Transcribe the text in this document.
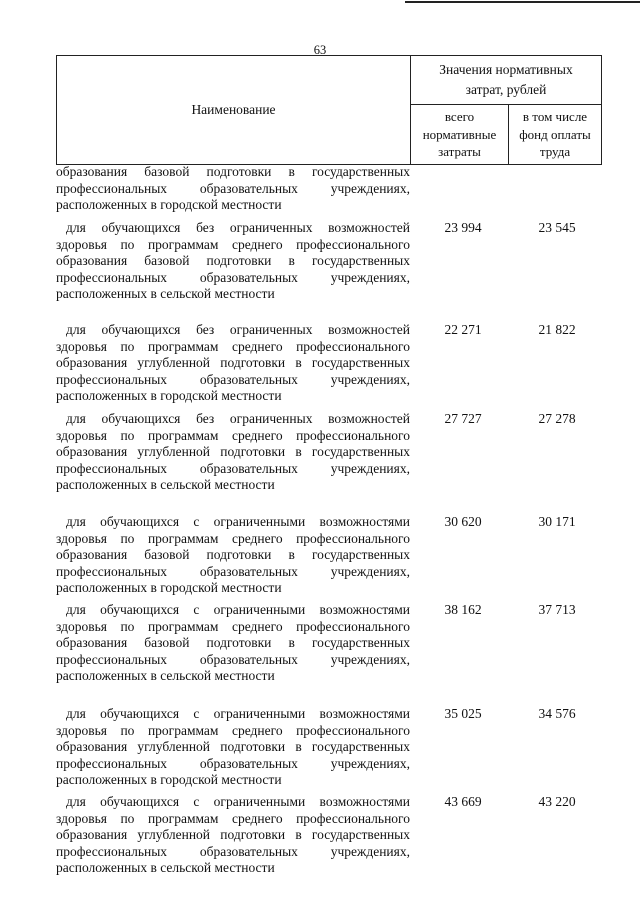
63
Наименование
Значения нормативных затрат, рублей
всего нормативные затраты
в том числе фонд оплаты труда
образования базовой подготовки в государственных профессиональных образовательных учреждениях, расположенных в городской местности
для обучающихся без ограниченных возможностей здоровья по программам среднего профессионального образования базовой подготовки в государственных профессиональных образовательных учреждениях, расположенных в сельской местности
23 994	23 545
для обучающихся без ограниченных возможностей здоровья по программам среднего профессионального образования углубленной подготовки в государственных профессиональных образовательных учреждениях, расположенных в городской местности
22 271	21 822
для обучающихся без ограниченных возможностей здоровья по программам среднего профессионального образования углубленной подготовки в государственных профессиональных образовательных учреждениях, расположенных в сельской местности
27 727	27 278
для обучающихся с ограниченными возможностями здоровья по программам среднего профессионального образования базовой подготовки в государственных профессиональных образовательных учреждениях, расположенных в городской местности
30 620	30 171
для обучающихся с ограниченными возможностями здоровья по программам среднего профессионального образования базовой подготовки в государственных профессиональных образовательных учреждениях, расположенных в сельской местности
38 162	37 713
для обучающихся с ограниченными возможностями здоровья по программам среднего профессионального образования углубленной подготовки в государственных профессиональных образовательных учреждениях, расположенных в городской местности
35 025	34 576
для обучающихся с ограниченными возможностями здоровья по программам среднего профессионального образования углубленной подготовки в государственных профессиональных образовательных учреждениях, расположенных в сельской местности
43 669	43 220
